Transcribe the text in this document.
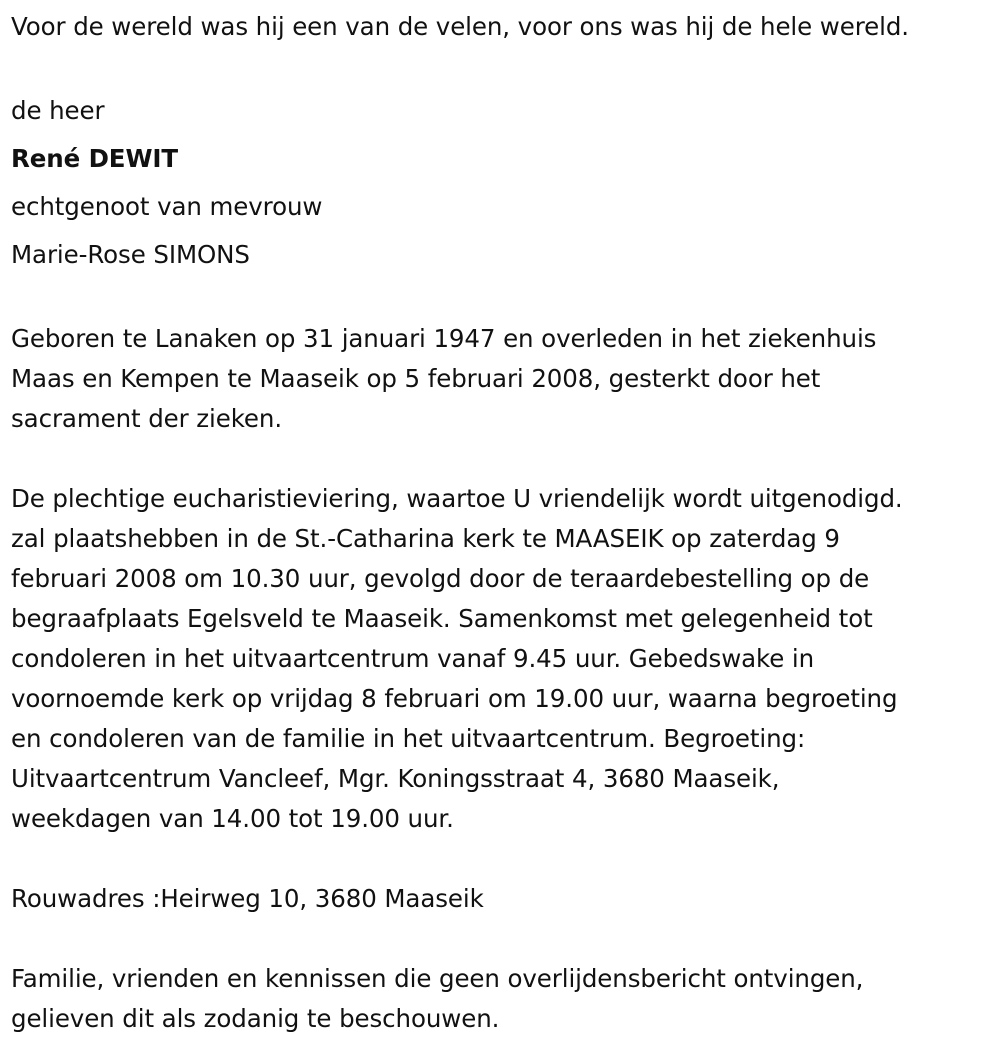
Voor de wereld was hij een van de velen, voor ons was hij de hele wereld.
de heer
René DEWIT
echtgenoot van mevrouw
Marie-Rose SIMONS
Geboren te Lanaken op 31 januari 1947 en overleden in het ziekenhuis
Maas en Kempen te Maaseik op 5 februari 2008, gesterkt door het
sacrament der zieken.
De plechtige eucharistieviering, waartoe U vriendelijk wordt uitgenodigd.
zal plaatshebben in de St.-Catharina kerk te MAASEIK op zaterdag 9
februari 2008 om 10.30 uur, gevolgd door de teraardebestelling op de
begraafplaats Egelsveld te Maaseik. Samenkomst met gelegenheid tot
condoleren in het uitvaartcentrum vanaf 9.45 uur. Gebedswake in
voornoemde kerk op vrijdag 8 februari om 19.00 uur, waarna begroeting
en condoleren van de familie in het uitvaartcentrum. Begroeting:
Uitvaartcentrum Vancleef, Mgr. Koningsstraat 4, 3680 Maaseik,
weekdagen van 14.00 tot 19.00 uur.
Rouwadres :Heirweg 10, 3680 Maaseik
Familie, vrienden en kennissen die geen overlijdensbericht ontvingen,
gelieven dit als zodanig te beschouwen.
